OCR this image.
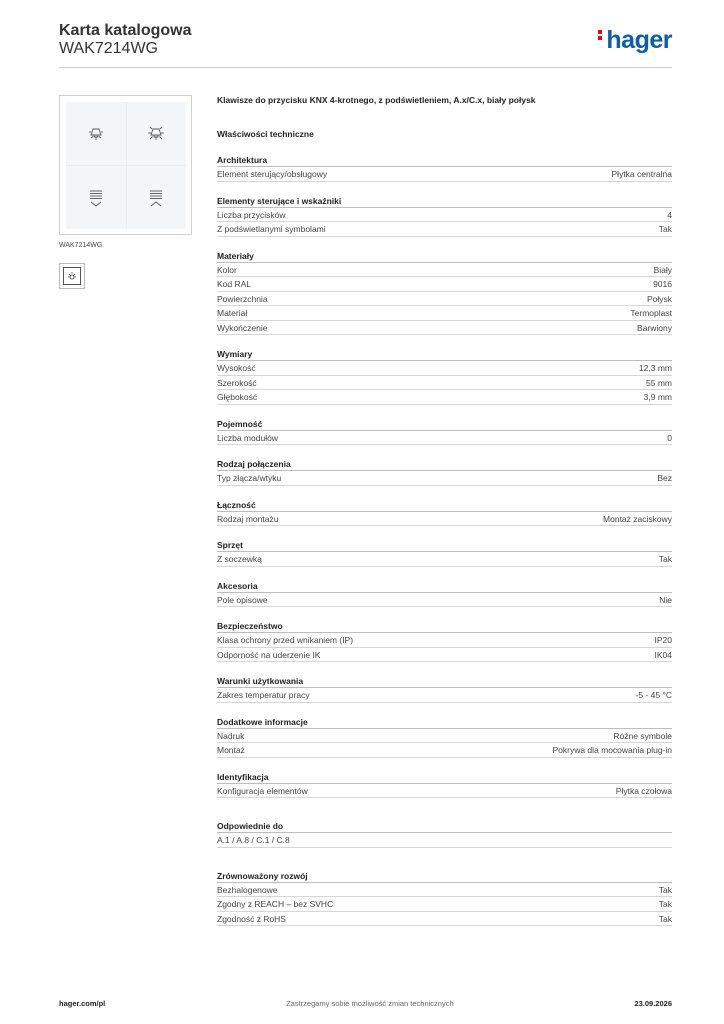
Karta katalogowa
WAK7214WG	hager
WAK7214WG
Klawisze do przycisku KNX 4-krotnego, z podświetleniem, A.x/C.x, biały połysk
Właściwości techniczne
Architektura
Element sterujący/obsługowy	Płytka centralna
Elementy sterujące i wskaźniki
Liczba przycisków	4
Z podświetlanymi symbolami	Tak
Materiały
Kolor	Biały
Kod RAL	9016
Powierzchnia	Połysk
Materiał	Termoplast
Wykończenie	Barwiony
Wymiary
Wysokość	12,3 mm
Szerokość	55 mm
Głębokość	3,9 mm
Pojemność
Liczba modułów	0
Rodzaj połączenia
Typ złącza/wtyku	Bez
Łączność
Rodzaj montażu	Montaż zaciskowy
Sprzęt
Z soczewką	Tak
Akcesoria
Pole opisowe	Nie
Bezpieczeństwo
Klasa ochrony przed wnikaniem (IP)	IP20
Odporność na uderzenie IK	IK04
Warunki użytkowania
Zakres temperatur pracy	-5 - 45 °C
Dodatkowe informacje
Nadruk	Różne symbole
Montaż	Pokrywa dla mocowania plug-in
Identyfikacja
Konfiguracja elementów	Płytka czołowa
Odpowiednie do
A.1 / A.8 / C.1 / C.8
Zrównoważony rozwój
Bezhalogenowe	Tak
Zgodny z REACH – bez SVHC	Tak
Zgodność z RoHS	Tak
hager.com/pl	Zastrzegamy sobie możliwość zmian technicznych	23.09.2026
